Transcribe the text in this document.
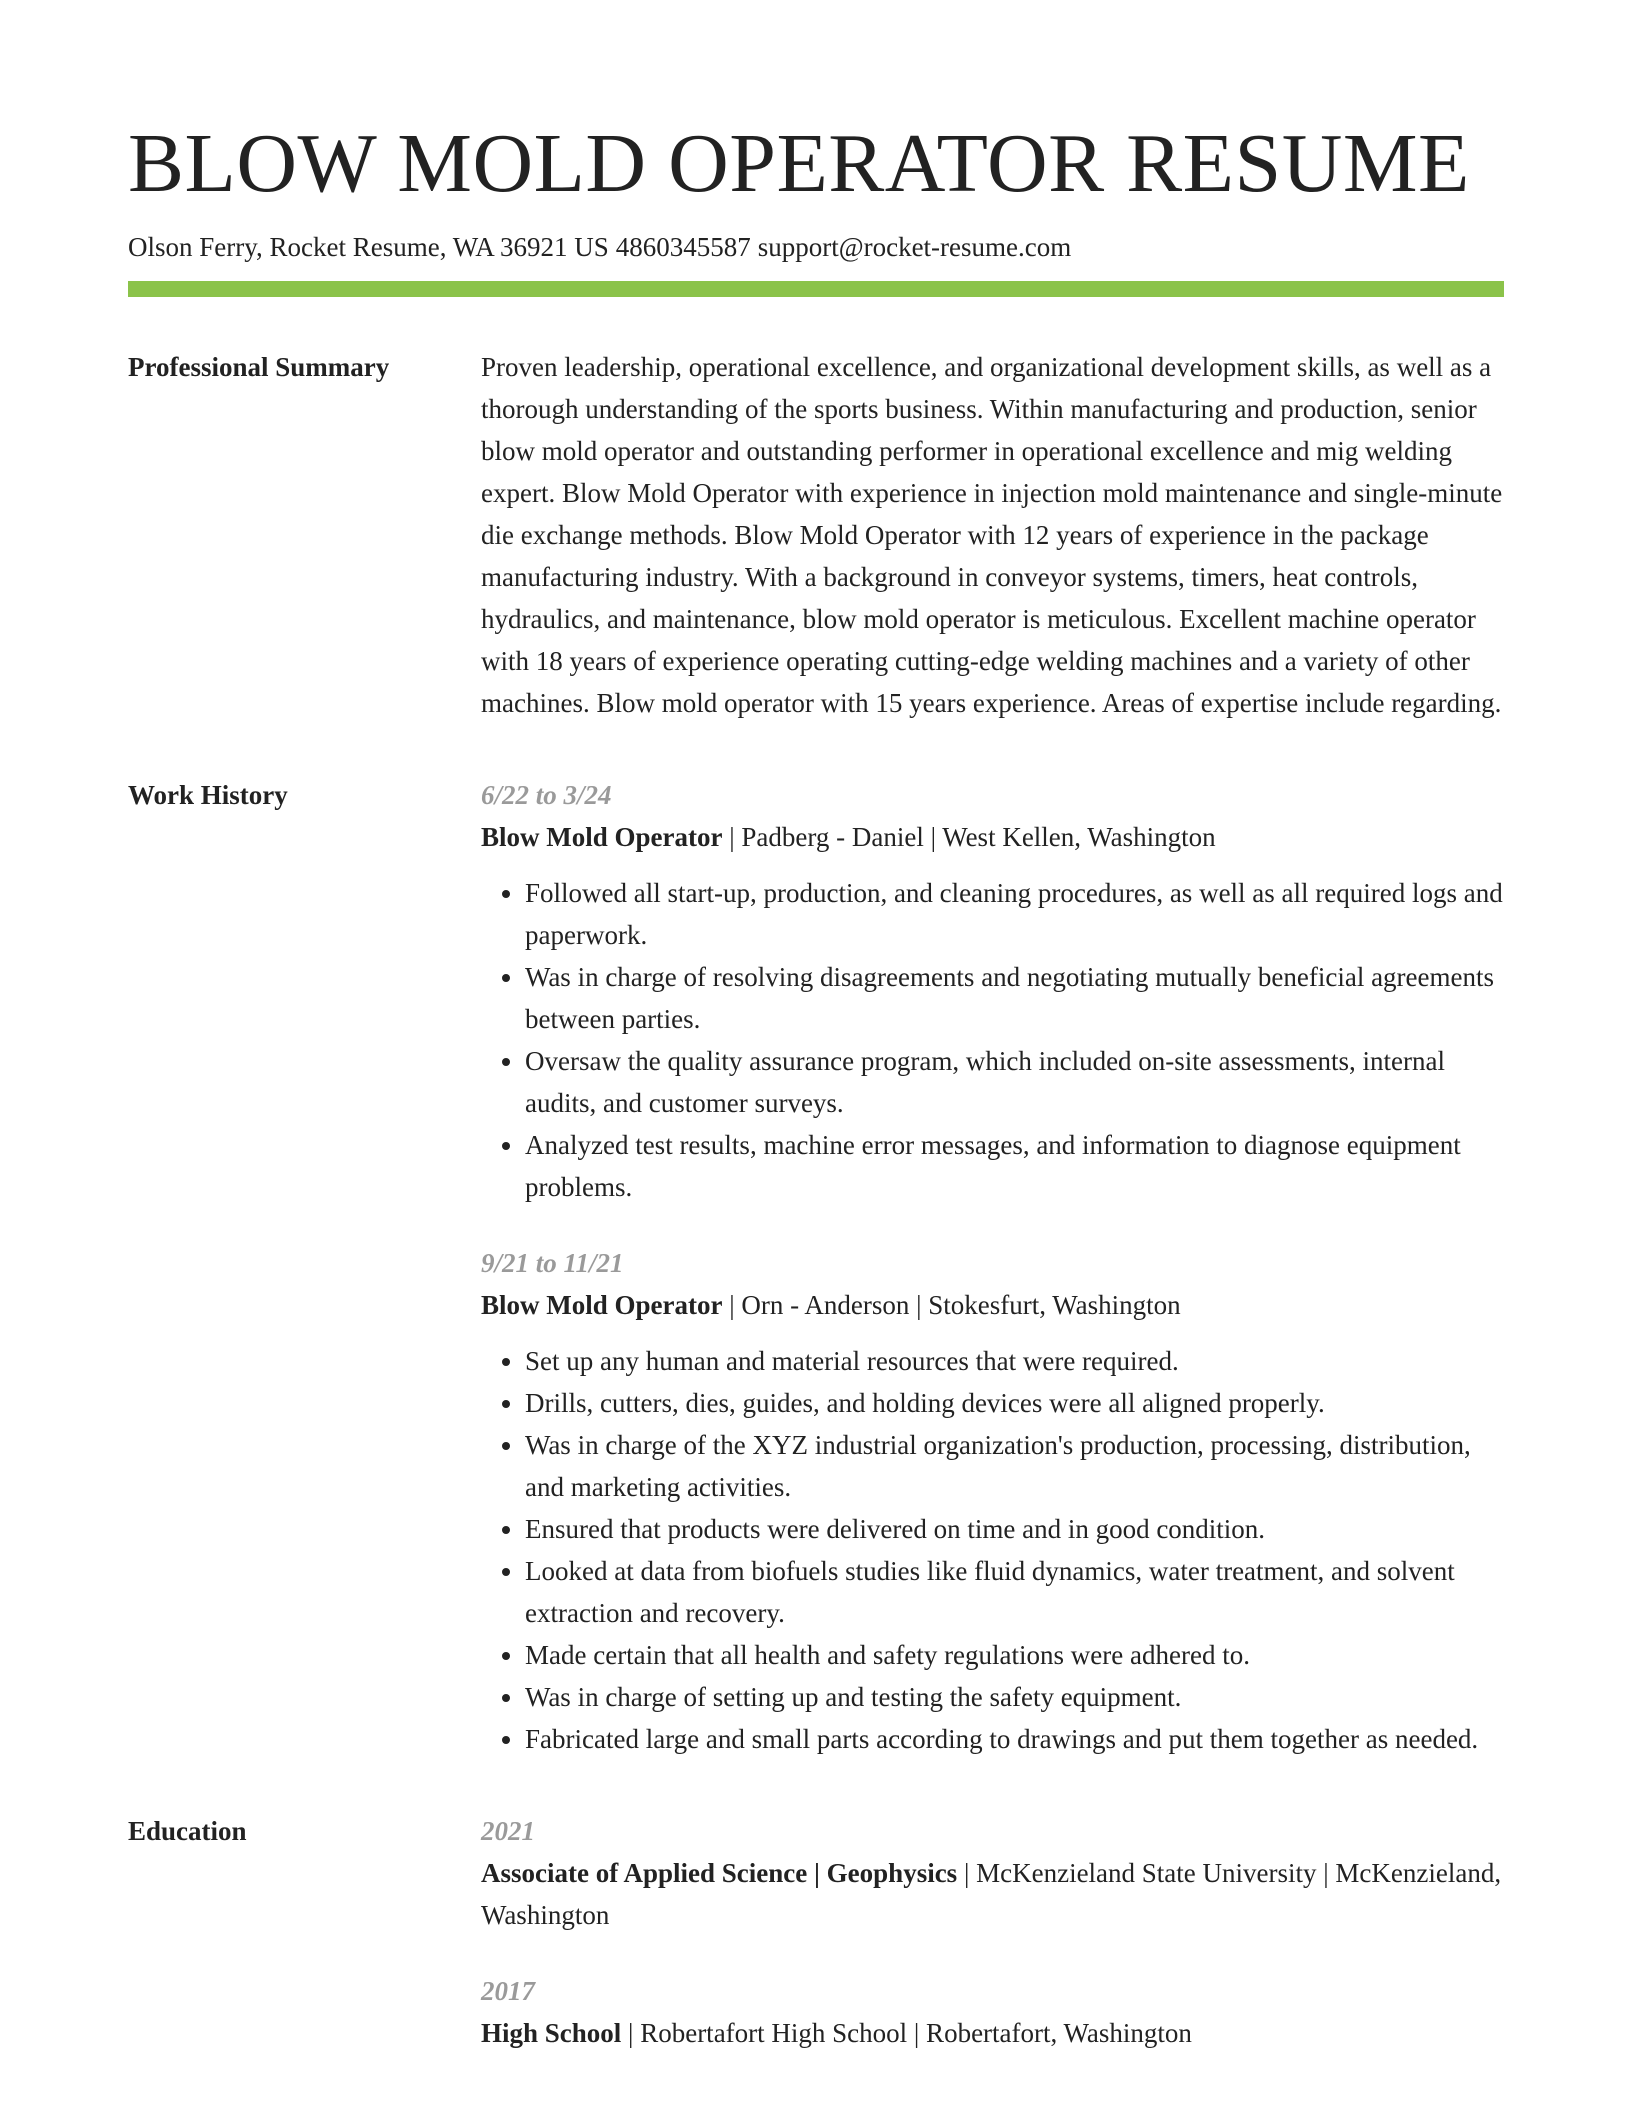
BLOW MOLD OPERATOR RESUME
Olson Ferry, Rocket Resume, WA 36921 US 4860345587 support@rocket-resume.com
Professional Summary	Proven leadership, operational excellence, and organizational development skills, as well as a thorough understanding of the sports business. Within manufacturing and production, senior blow mold operator and outstanding performer in operational excellence and mig welding expert. Blow Mold Operator with experience in injection mold maintenance and single-minute die exchange methods. Blow Mold Operator with 12 years of experience in the package manufacturing industry. With a background in conveyor systems, timers, heat controls, hydraulics, and maintenance, blow mold operator is meticulous. Excellent machine operator with 18 years of experience operating cutting-edge welding machines and a variety of other machines. Blow mold operator with 15 years experience. Areas of expertise include regarding.

Work History	6/22 to 3/24
Blow Mold Operator | Padberg - Daniel | West Kellen, Washington
• Followed all start-up, production, and cleaning procedures, as well as all required logs and paperwork.
• Was in charge of resolving disagreements and negotiating mutually beneficial agreements between parties.
• Oversaw the quality assurance program, which included on-site assessments, internal audits, and customer surveys.
• Analyzed test results, machine error messages, and information to diagnose equipment problems.
9/21 to 11/21
Blow Mold Operator | Orn - Anderson | Stokesfurt, Washington
• Set up any human and material resources that were required.
• Drills, cutters, dies, guides, and holding devices were all aligned properly.
• Was in charge of the XYZ industrial organization's production, processing, distribution, and marketing activities.
• Ensured that products were delivered on time and in good condition.
• Looked at data from biofuels studies like fluid dynamics, water treatment, and solvent extraction and recovery.
• Made certain that all health and safety regulations were adhered to.
• Was in charge of setting up and testing the safety equipment.
• Fabricated large and small parts according to drawings and put them together as needed.
Education	2021
Associate of Applied Science | Geophysics | McKenzieland State University | McKenzieland, Washington
2017
High School | Robertafort High School | Robertafort, Washington
